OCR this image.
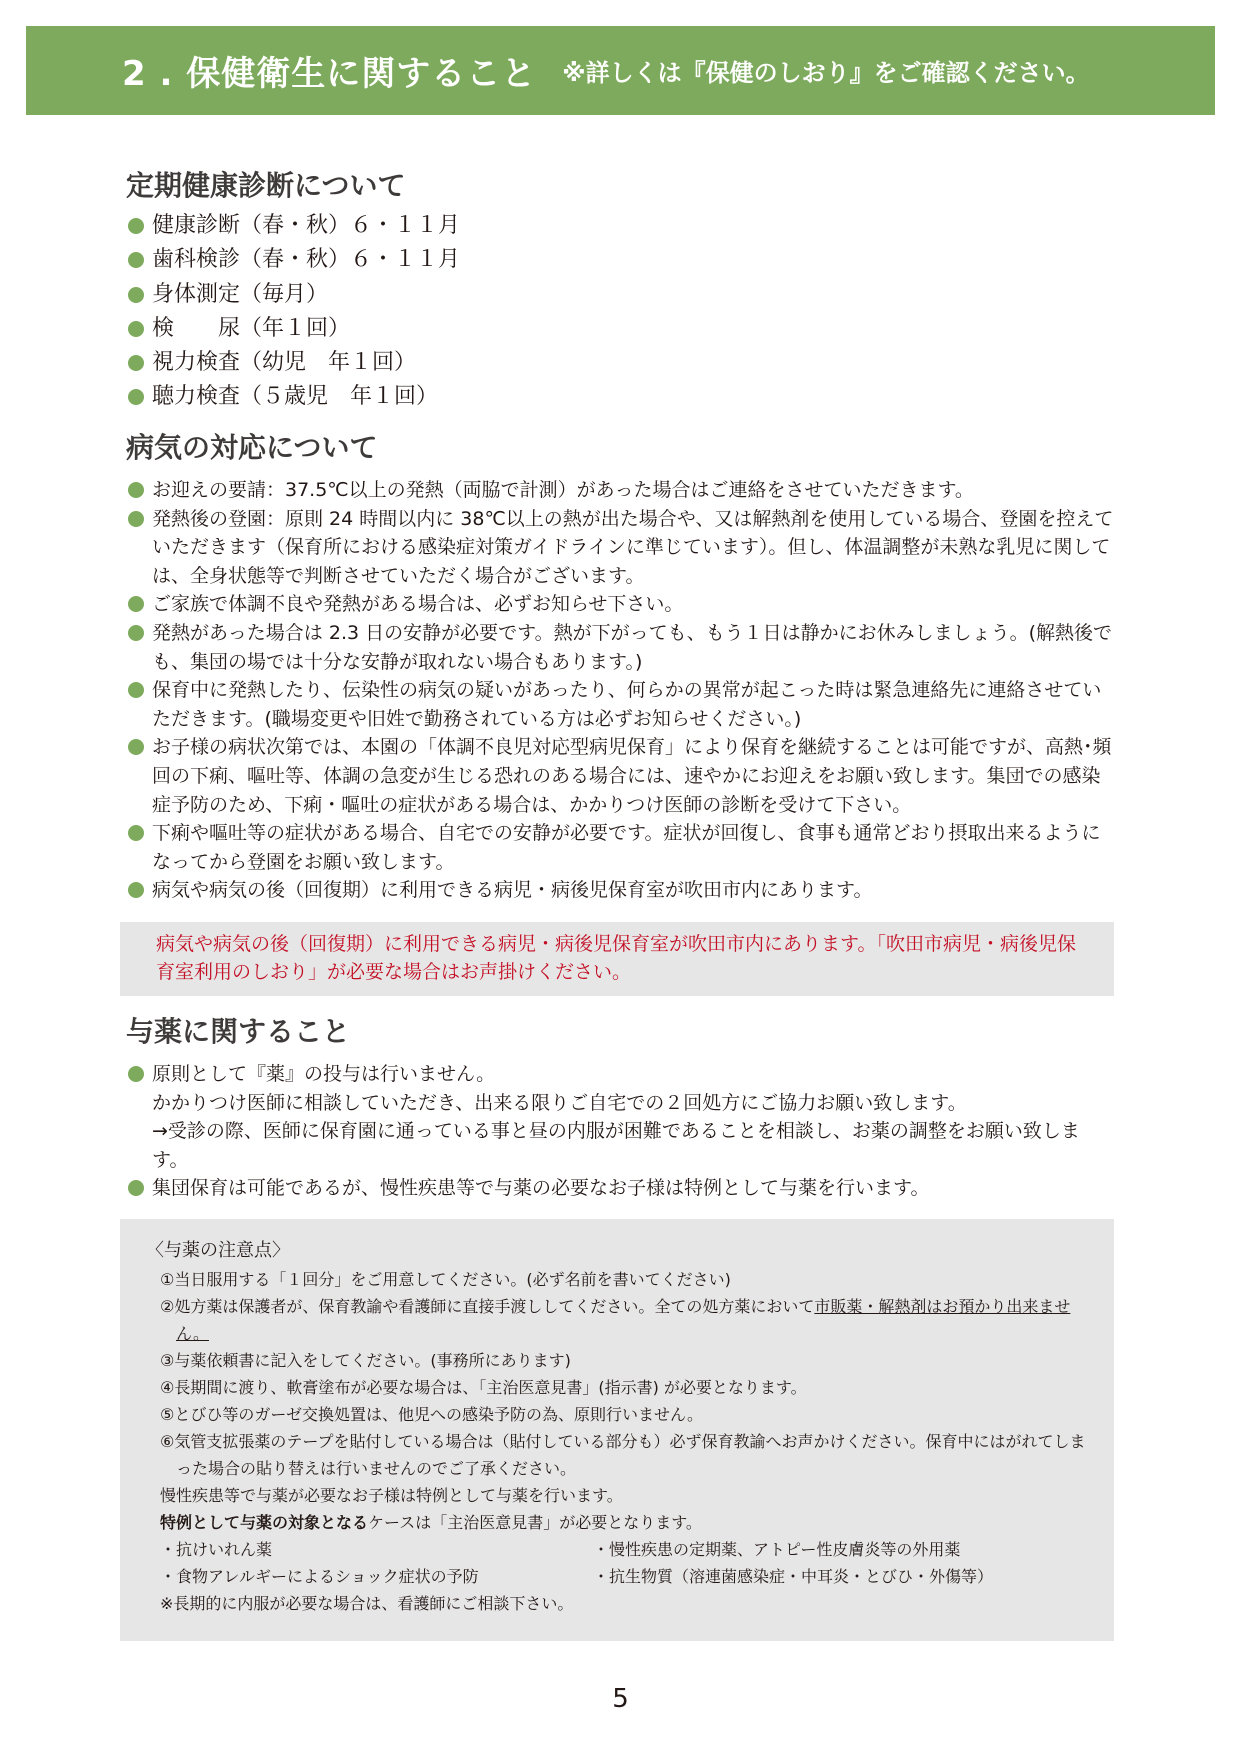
2 . 保健衛生に関すること ※詳しくは『保健のしおり』をご確認ください。
定期健康診断について
健康診断（春・秋）６・１１月
歯科検診（春・秋）６・１１月
身体測定（毎月）
検　　尿（年１回）
視力検査（幼児　年１回）
聴力検査（５歳児　年１回）
病気の対応について
お迎えの要請：37.5℃以上の発熱（両脇で計測）があった場合はご連絡をさせていただきます。
発熱後の登園：原則 24 時間以内に 38℃以上の熱が出た場合や、又は解熱剤を使用している場合、登園を控えていただきます（保育所における感染症対策ガイドラインに準じています）。但し、体温調整が未熟な乳児に関しては、全身状態等で判断させていただく場合がございます。
ご家族で体調不良や発熱がある場合は、必ずお知らせ下さい。
発熱があった場合は 2.3 日の安静が必要です。熱が下がっても、もう１日は静かにお休みしましょう。(解熱後でも、集団の場では十分な安静が取れない場合もあります。)
保育中に発熱したり、伝染性の病気の疑いがあったり、何らかの異常が起こった時は緊急連絡先に連絡させていただきます。(職場変更や旧姓で勤務されている方は必ずお知らせください。)
お子様の病状次第では、本園の「体調不良児対応型病児保育」により保育を継続することは可能ですが、高熱･頻回の下痢、嘔吐等、体調の急変が生じる恐れのある場合には、速やかにお迎えをお願い致します。集団での感染症予防のため、下痢・嘔吐の症状がある場合は、かかりつけ医師の診断を受けて下さい。
下痢や嘔吐等の症状がある場合、自宅での安静が必要です。症状が回復し、食事も通常どおり摂取出来るようになってから登園をお願い致します。
病気や病気の後（回復期）に利用できる病児・病後児保育室が吹田市内にあります。
病気や病気の後（回復期）に利用できる病児・病後児保育室が吹田市内にあります。「吹田市病児・病後児保育室利用のしおり」が必要な場合はお声掛けください。
与薬に関すること
原則として『薬』の投与は行いません。
かかりつけ医師に相談していただき、出来る限りご自宅での２回処方にご協力お願い致します。
→受診の際、医師に保育園に通っている事と昼の内服が困難であることを相談し、お薬の調整をお願い致します。
集団保育は可能であるが、慢性疾患等で与薬の必要なお子様は特例として与薬を行います。
〈与薬の注意点〉
①当日服用する「１回分」をご用意してください。(必ず名前を書いてください)
②処方薬は保護者が、保育教諭や看護師に直接手渡ししてください。全ての処方薬において市販薬・解熱剤はお預かり出来ません。
③与薬依頼書に記入をしてください。(事務所にあります)
④長期間に渡り、軟膏塗布が必要な場合は、「主治医意見書」(指示書) が必要となります。
⑤とびひ等のガーゼ交換処置は、他児への感染予防の為、原則行いません。
⑥気管支拡張薬のテープを貼付している場合は（貼付している部分も）必ず保育教諭へお声かけください。保育中にはがれてしまった場合の貼り替えは行いませんのでご了承ください。
慢性疾患等で与薬が必要なお子様は特例として与薬を行います。
特例として与薬の対象となるケースは「主治医意見書」が必要となります。
・抗けいれん薬	・慢性疾患の定期薬、アトピー性皮膚炎等の外用薬
・食物アレルギーによるショック症状の予防	・抗生物質（溶連菌感染症・中耳炎・とびひ・外傷等）
※長期的に内服が必要な場合は、看護師にご相談下さい。
5
